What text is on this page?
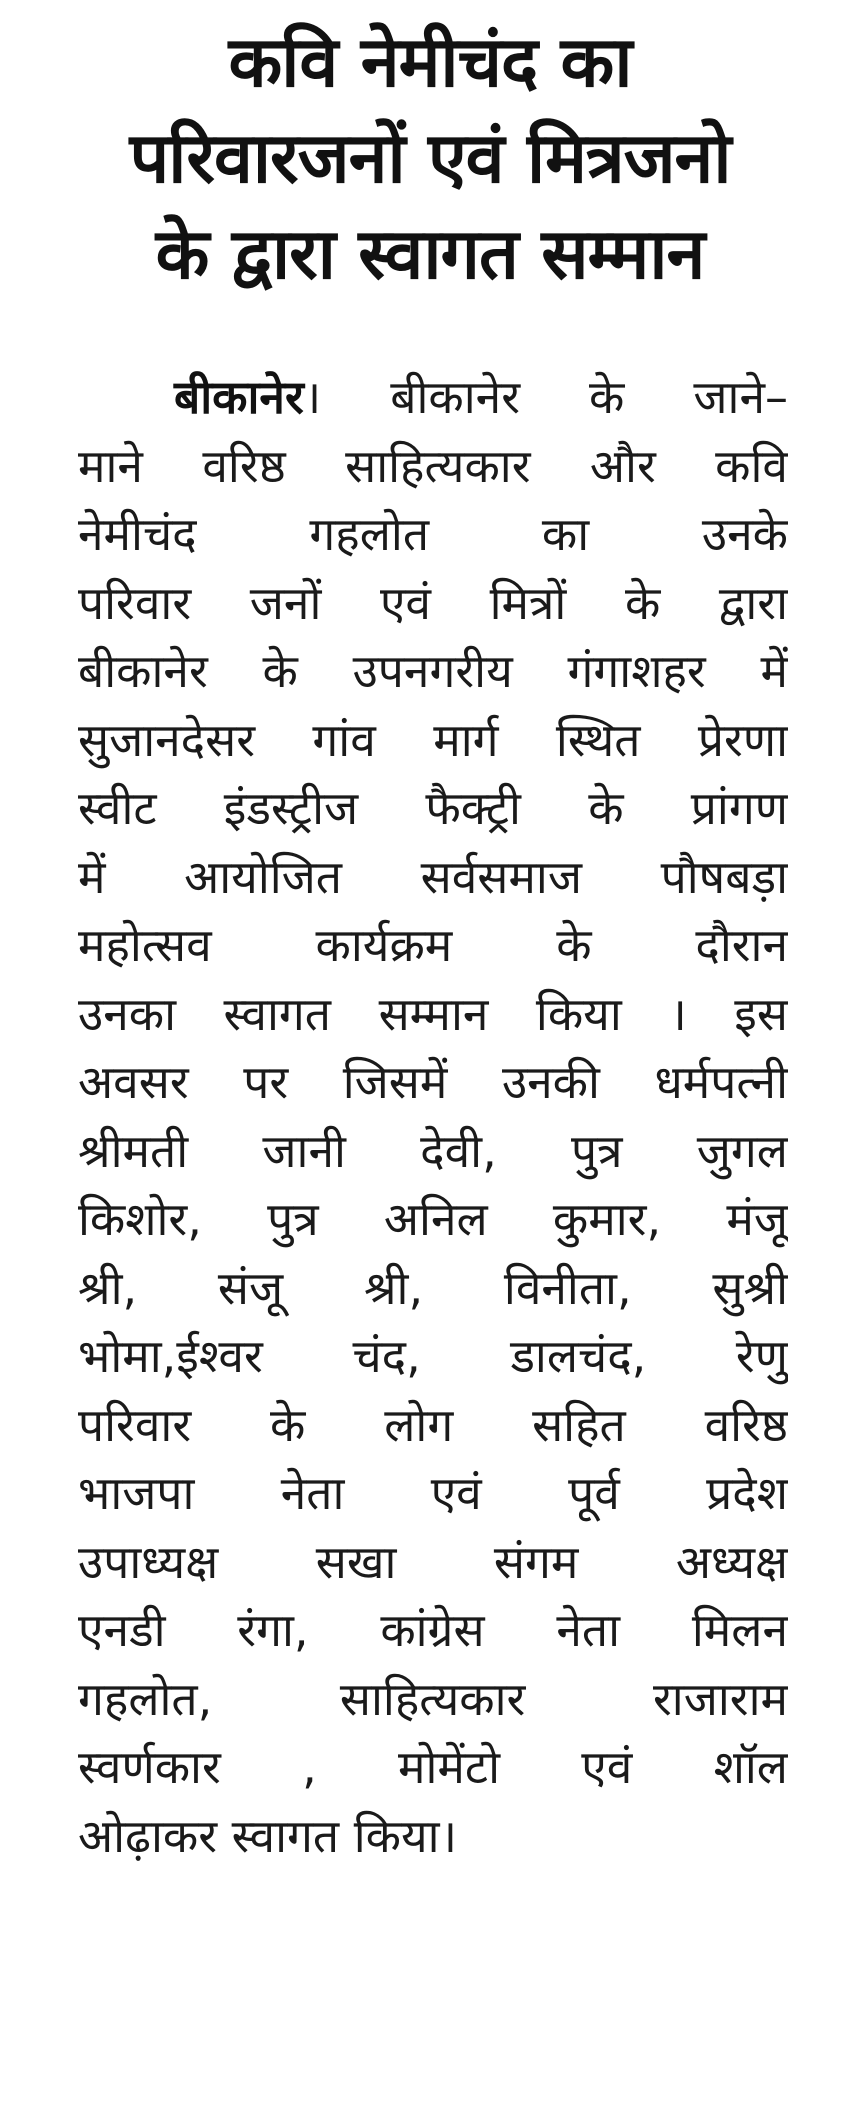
कवि नेमीचंद का
परिवारजनों एवं मित्रजनो
के द्वारा स्वागत सम्मान
बीकानेर। बीकानेर के जाने–
माने वरिष्ठ साहित्यकार और कवि
नेमीचंद गहलोत का उनके
परिवार जनों एवं मित्रों के द्वारा
बीकानेर के उपनगरीय गंगाशहर में
सुजानदेसर गांव मार्ग स्थित प्रेरणा
स्वीट इंडस्ट्रीज फैक्ट्री के प्रांगण
में आयोजित सर्वसमाज पौषबड़ा
महोत्सव कार्यक्रम के दौरान
उनका स्वागत सम्मान किया । इस
अवसर पर जिसमें उनकी धर्मपत्नी
श्रीमती जानी देवी, पुत्र जुगल
किशोर, पुत्र अनिल कुमार, मंजू
श्री, संजू श्री, विनीता, सुश्री
भोमा,ईश्वर चंद, डालचंद, रेणु
परिवार के लोग सहित वरिष्ठ
भाजपा नेता एवं पूर्व प्रदेश
उपाध्यक्ष सखा संगम अध्यक्ष
एनडी रंगा, कांग्रेस नेता मिलन
गहलोत, साहित्यकार राजाराम
स्वर्णकार , मोमेंटो एवं शॉल
ओढ़ाकर स्वागत किया।
